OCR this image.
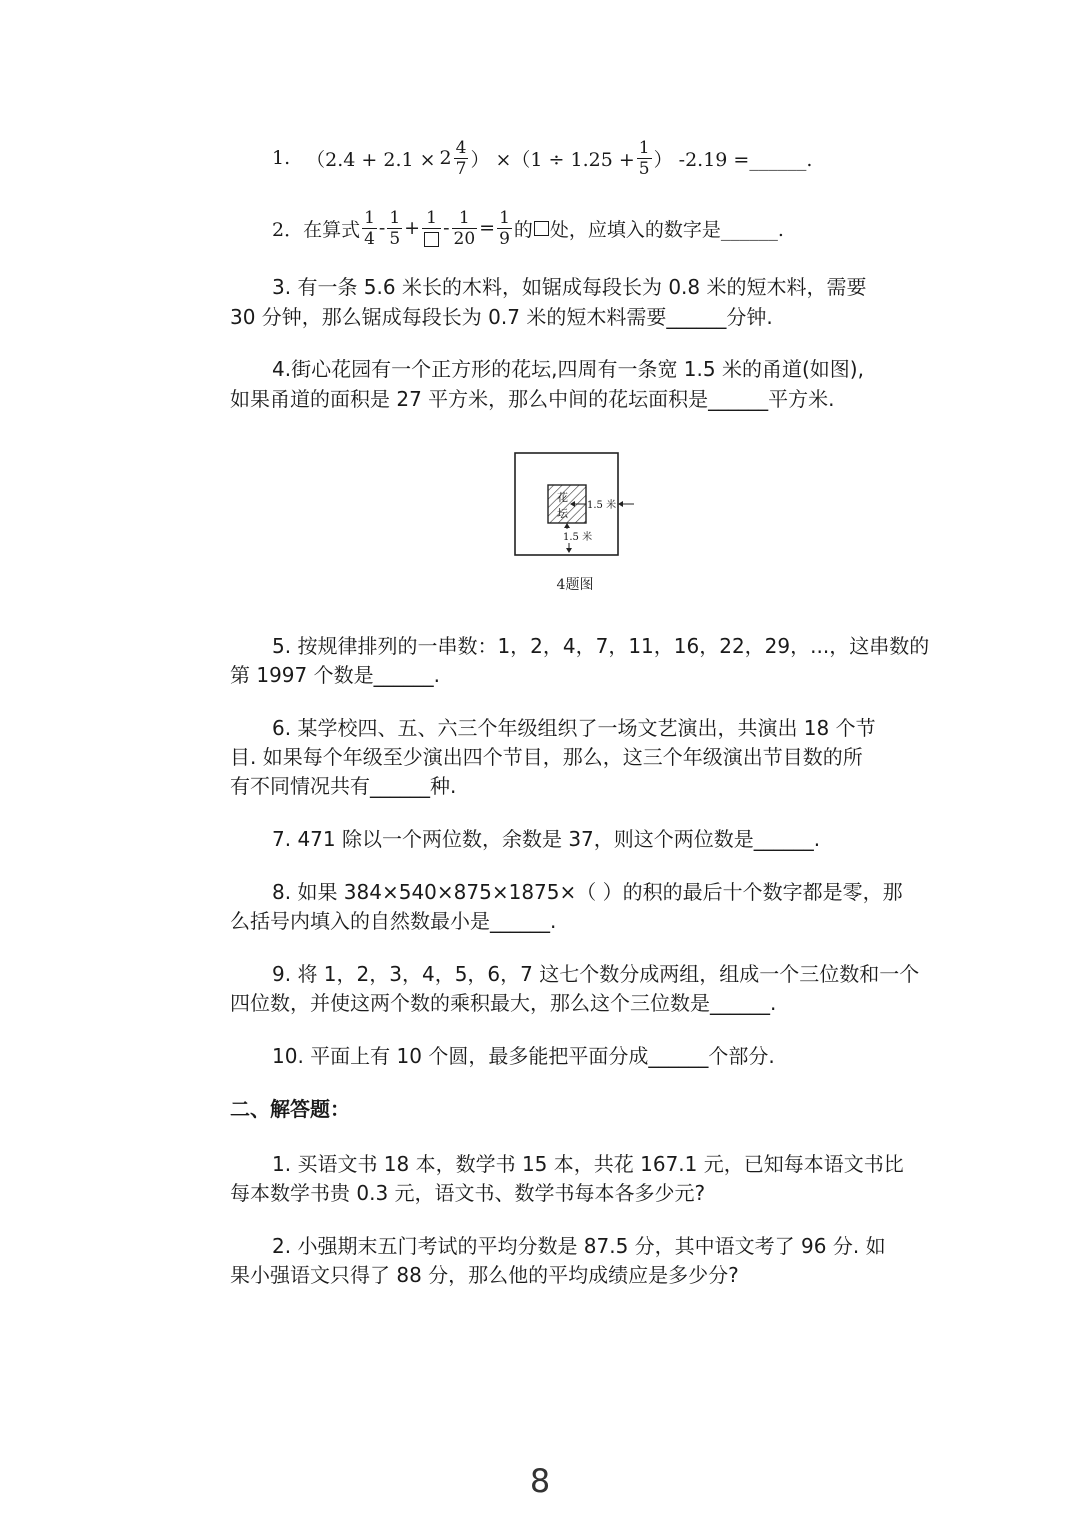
1. （$2.4 + 2.1 \times 2 \frac{4}{7}$ ） $\times(1 \div 1.25 + \frac{1}{5}$ ） -2.19 =______.
2．在算式 $\frac{1}{4} - \frac{1}{5} + 1 - \frac{1}{20} = \frac{1}{9}$ 的 处，应填入的数字是______.
3. 有一条 5.6 米长的木料，如锯成每段长为 0.8 米的短木料，需要
30 分钟，那么锯成每段长为 0.7 米的短木料需要______分钟.
4.街心花园有一个正方形的花坛,四周有一条宽 1.5 米的甬道(如图),
如果甬道的面积是 27 平方米，那么中间的花坛面积是______平方米.
花
坛
1.5 米
1.5 米
4题图
5. 按规律排列的一串数：1，2，4，7，11，16，22，29，...，这串数的
第 1997 个数是______.
6. 某学校四、五、六三个年级组织了一场文艺演出，共演出 18 个节
目. 如果每个年级至少演出四个节目，那么，这三个年级演出节目数的所
有不同情况共有______种.
7. 471 除以一个两位数，余数是 37，则这个两位数是______.
8. 如果 384×540×875×1875×（ ）的积的最后十个数字都是零，那
么括号内填入的自然数最小是______.
9. 将 1，2，3，4，5，6，7 这七个数分成两组，组成一个三位数和一个
四位数，并使这两个数的乘积最大，那么这个三位数是______.
10. 平面上有 10 个圆，最多能把平面分成______个部分.
二、解答题：
1. 买语文书 18 本，数学书 15 本，共花 167.1 元，已知每本语文书比
每本数学书贵 0.3 元，语文书、数学书每本各多少元?
2. 小强期末五门考试的平均分数是 87.5 分，其中语文考了 96 分. 如
果小强语文只得了 88 分，那么他的平均成绩应是多少分?
8
